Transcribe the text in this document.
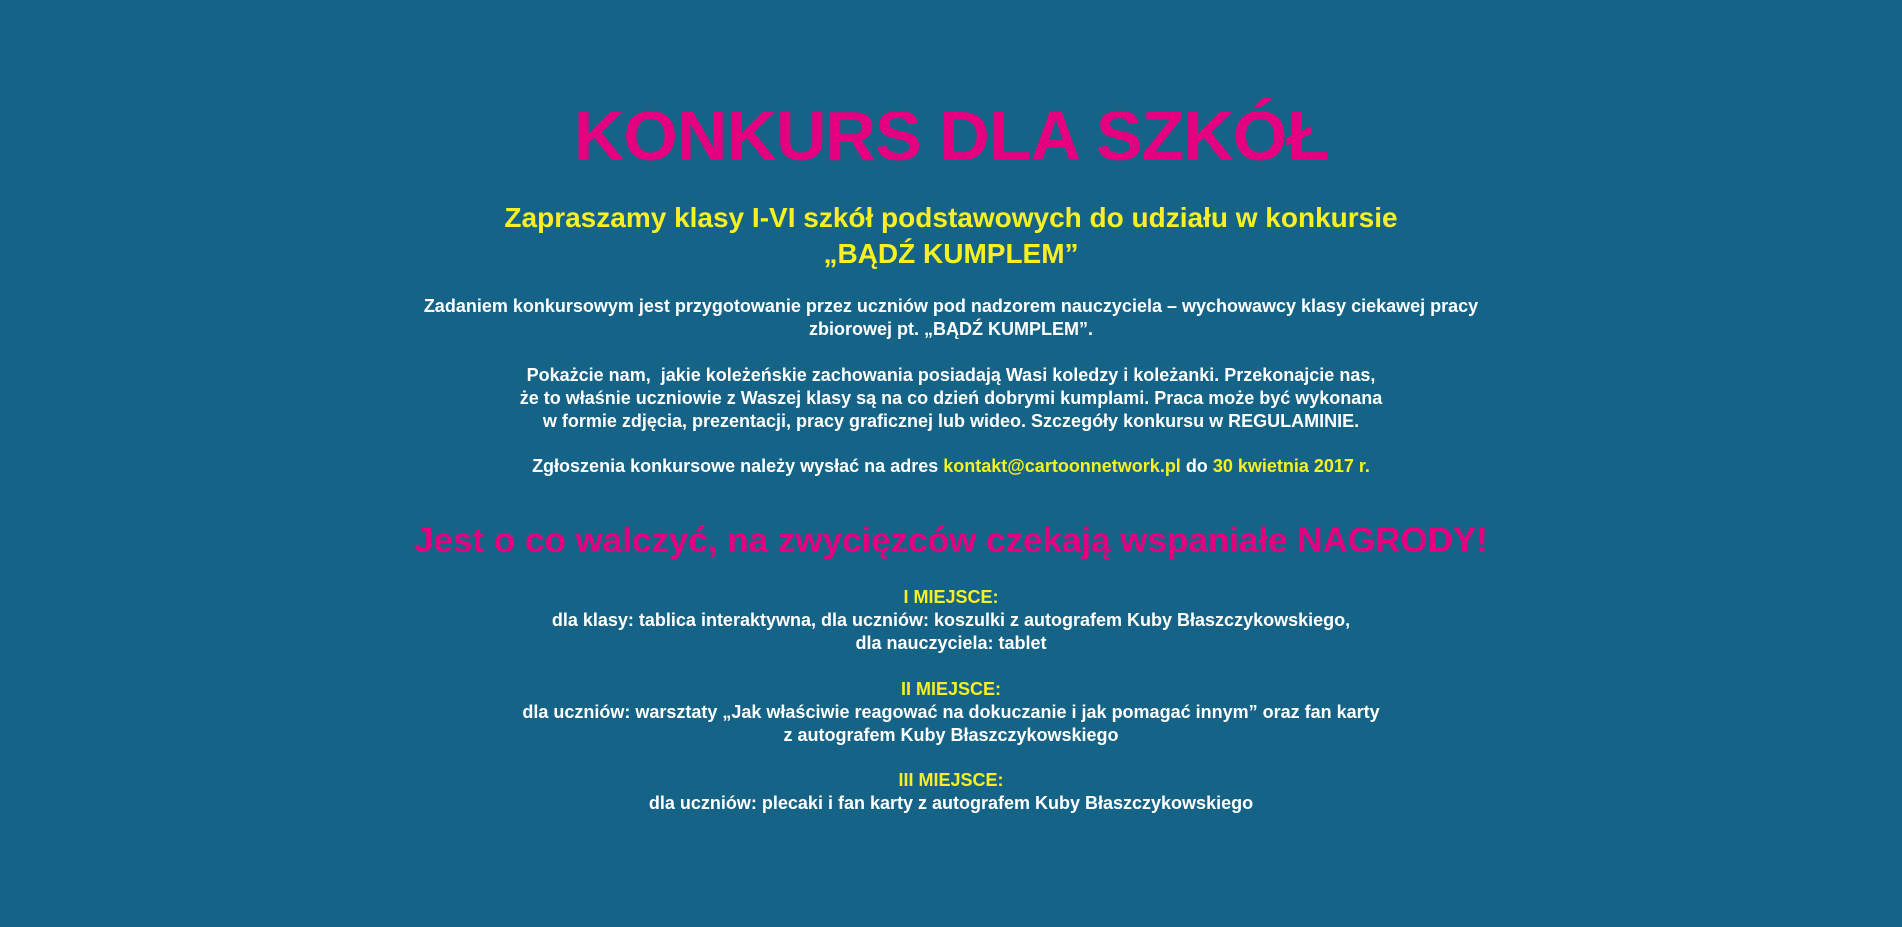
KONKURS DLA SZKÓŁ
Zapraszamy klasy I-VI szkół podstawowych do udziału w konkursie
„BĄDŹ KUMPLEM”
Zadaniem konkursowym jest przygotowanie przez uczniów pod nadzorem nauczyciela – wychowawcy klasy ciekawej pracy
zbiorowej pt. „BĄDŹ KUMPLEM”.
Pokażcie nam,  jakie koleżeńskie zachowania posiadają Wasi koledzy i koleżanki. Przekonajcie nas,
że to właśnie uczniowie z Waszej klasy są na co dzień dobrymi kumplami. Praca może być wykonana
w formie zdjęcia, prezentacji, pracy graficznej lub wideo. Szczegóły konkursu w REGULAMINIE.
Zgłoszenia konkursowe należy wysłać na adres kontakt@cartoonnetwork.pl do 30 kwietnia 2017 r.
Jest o co walczyć, na zwycięzców czekają wspaniałe NAGRODY!
I MIEJSCE:
dla klasy: tablica interaktywna, dla uczniów: koszulki z autografem Kuby Błaszczykowskiego,
dla nauczyciela: tablet
II MIEJSCE:
dla uczniów: warsztaty „Jak właściwie reagować na dokuczanie i jak pomagać innym” oraz fan karty
z autografem Kuby Błaszczykowskiego
III MIEJSCE:
dla uczniów: plecaki i fan karty z autografem Kuby Błaszczykowskiego
